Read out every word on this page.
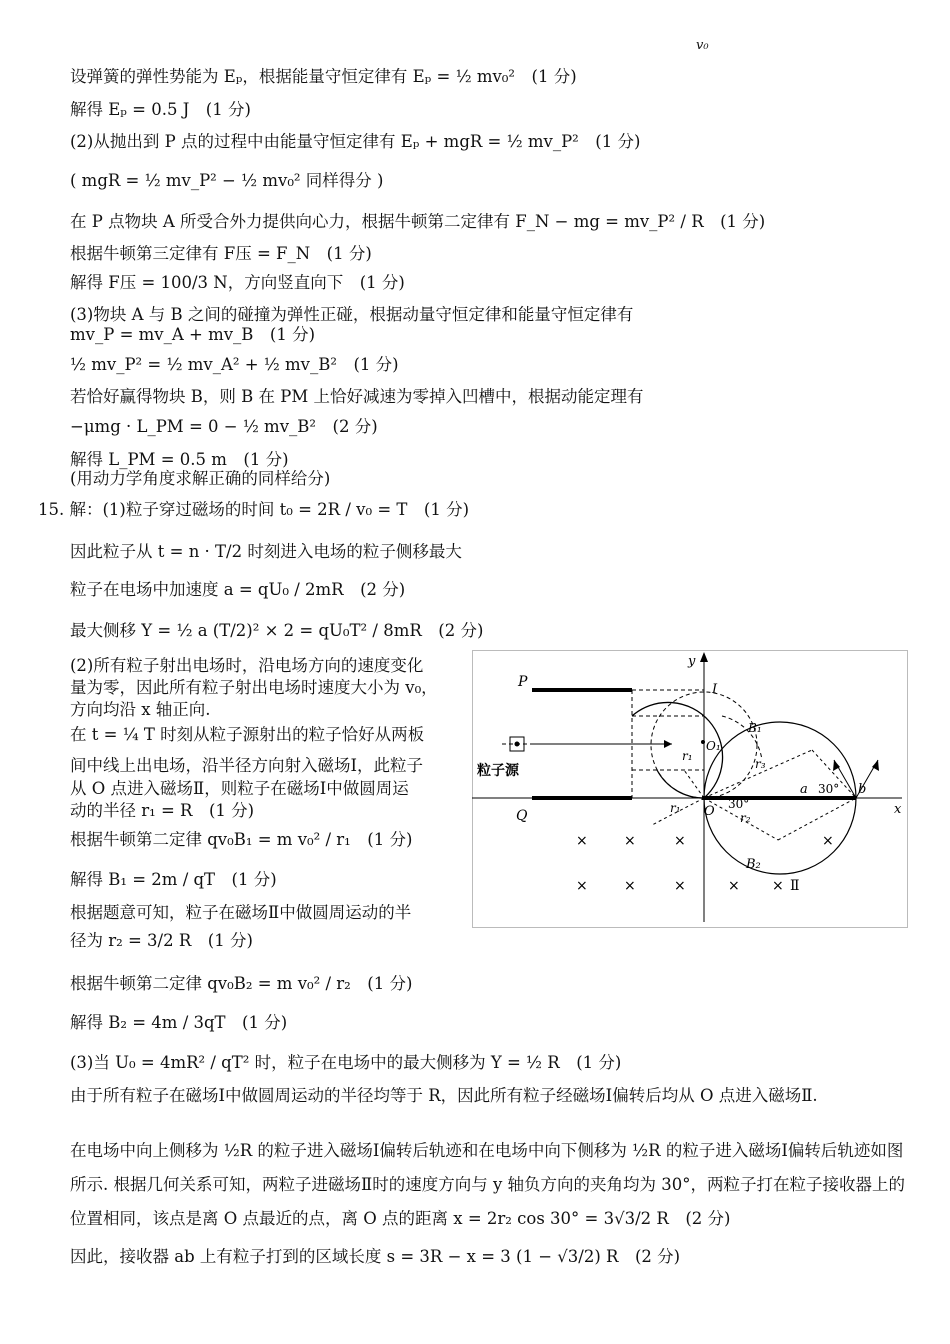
v₀
设弹簧的弹性势能为 Eₚ，根据能量守恒定律有 Eₚ = ½ mv₀²　(1 分)
解得 Eₚ = 0.5 J　(1 分)
(2)从抛出到 P 点的过程中由能量守恒定律有 Eₚ + mgR = ½ mv_P²　(1 分)
( mgR = ½ mv_P² − ½ mv₀² 同样得分 )
在 P 点物块 A 所受合外力提供向心力，根据牛顿第二定律有 F_N − mg = mv_P² / R　(1 分)
根据牛顿第三定律有 F压 = F_N　(1 分)
解得 F压 = 100/3 N，方向竖直向下　(1 分)
(3)物块 A 与 B 之间的碰撞为弹性正碰，根据动量守恒定律和能量守恒定律有
mv_P = mv_A + mv_B　(1 分)
½ mv_P² = ½ mv_A² + ½ mv_B²　(1 分)
若恰好赢得物块 B，则 B 在 PM 上恰好减速为零掉入凹槽中，根据动能定理有
−μmg · L_PM = 0 − ½ mv_B²　(2 分)
解得 L_PM = 0.5 m　(1 分)
(用动力学角度求解正确的同样给分)
15. 解：(1)粒子穿过磁场的时间 t₀ = 2R / v₀ = T　(1 分)
因此粒子从 t = n · T/2 时刻进入电场的粒子侧移最大
粒子在电场中加速度 a = qU₀ / 2mR　(2 分)
最大侧移 Y = ½ a (T/2)² × 2 = qU₀T² / 8mR　(2 分)
(2)所有粒子射出电场时，沿电场方向的速度变化
量为零，因此所有粒子射出电场时速度大小为 v₀，
方向均沿 x 轴正向.
在 t = ¼ T 时刻从粒子源射出的粒子恰好从两板
间中线上出电场，沿半径方向射入磁场Ⅰ，此粒子
从 O 点进入磁场Ⅱ，则粒子在磁场Ⅰ中做圆周运
动的半径 r₁ = R　(1 分)
根据牛顿第二定律 qv₀B₁ = m v₀² / r₁　(1 分)
解得 B₁ = 2m / qT　(1 分)
根据题意可知，粒子在磁场Ⅱ中做圆周运动的半
径为 r₂ = 3/2 R　(1 分)
根据牛顿第二定律 qv₀B₂ = m v₀² / r₂　(1 分)
解得 B₂ = 4m / 3qT　(1 分)
(3)当 U₀ = 4mR² / qT² 时，粒子在电场中的最大侧移为 Y = ½ R　(1 分)
由于所有粒子在磁场Ⅰ中做圆周运动的半径均等于 R，因此所有粒子经磁场Ⅰ偏转后均从 O 点进入磁场Ⅱ.
在电场中向上侧移为 ½R 的粒子进入磁场Ⅰ偏转后轨迹和在电场中向下侧移为 ½R 的粒子进入磁场Ⅰ偏转后轨迹如图所示. 根据几何关系可知，两粒子进磁场Ⅱ时的速度方向与 y 轴负方向的夹角均为 30°，两粒子打在粒子接收器上的位置相同，该点是离 O 点最近的点，离 O 点的距离 x = 2r₂ cos 30° = 3√3/2 R　(2 分)
因此，接收器 ab 上有粒子打到的区域长度 s = 3R − x = 3 (1 − √3/2) R　(2 分)
粒子源
P
Q	x
y
O
O₁
Ⅰ
B₁
r₁
r₁
r₂
r₃
30°
a	b
30°
B₂
Ⅱ
×	×	×	×
×	×	×	× ×
